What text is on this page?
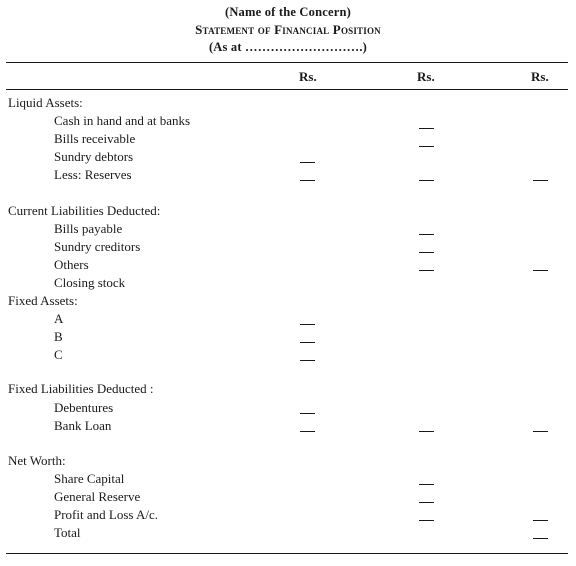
(Name of the Concern)
Statement of Financial Position
(As at ……………………….)
Rs.	Rs.	Rs.
Liquid Assets:
Cash in hand and at banks
Bills receivable
Sundry debtors
Less: Reserves
Current Liabilities Deducted:
Bills payable
Sundry creditors
Others
Closing stock
Fixed Assets:
A
B
C
Fixed Liabilities Deducted :
Debentures
Bank Loan
Net Worth:
Share Capital
General Reserve
Profit and Loss A/c.
Total
